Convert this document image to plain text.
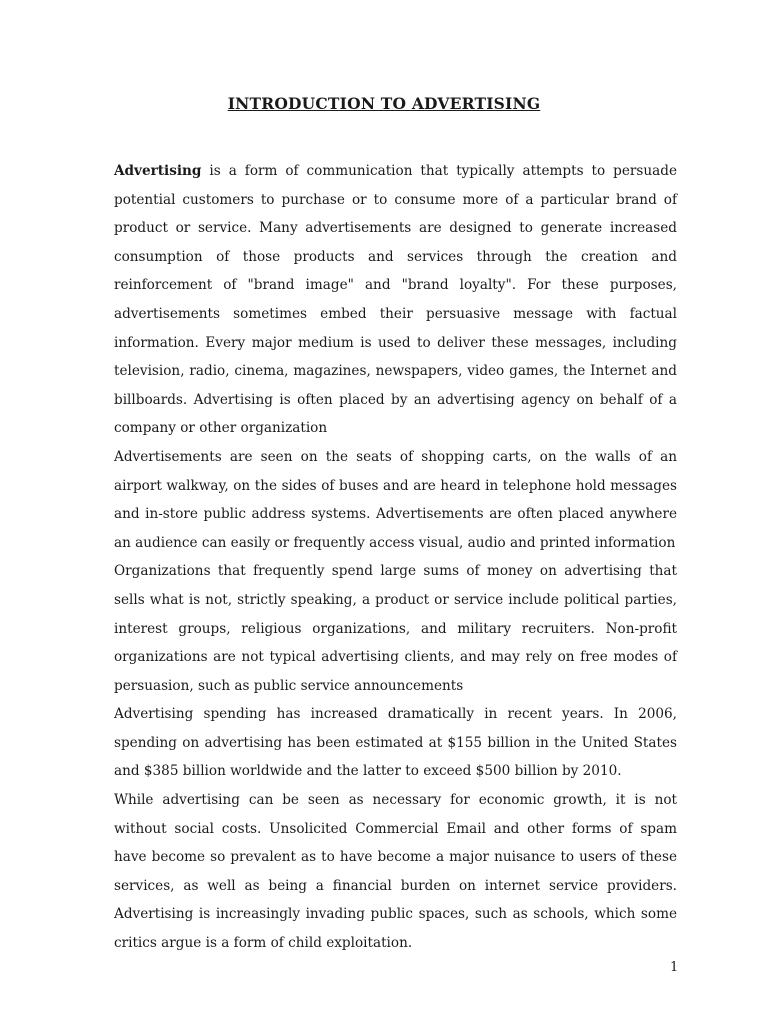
INTRODUCTION TO ADVERTISING

Advertising is a form of communication that typically attempts to persuade potential customers to purchase or to consume more of a particular brand of product or service. Many advertisements are designed to generate increased consumption of those products and services through the creation and reinforcement of "brand image" and "brand loyalty". For these purposes, advertisements sometimes embed their persuasive message with factual information. Every major medium is used to deliver these messages, including television, radio, cinema, magazines, newspapers, video games, the Internet and billboards. Advertising is often placed by an advertising agency on behalf of a company or other organization

Advertisements are seen on the seats of shopping carts, on the walls of an airport walkway, on the sides of buses and are heard in telephone hold messages and in-store public address systems. Advertisements are often placed anywhere an audience can easily or frequently access visual, audio and printed information

Organizations that frequently spend large sums of money on advertising that sells what is not, strictly speaking, a product or service include political parties, interest groups, religious organizations, and military recruiters. Non-profit organizations are not typical advertising clients, and may rely on free modes of persuasion, such as public service announcements

Advertising spending has increased dramatically in recent years. In 2006, spending on advertising has been estimated at $155 billion in the United States and $385 billion worldwide and the latter to exceed $500 billion by 2010.

While advertising can be seen as necessary for economic growth, it is not without social costs. Unsolicited Commercial Email and other forms of spam have become so prevalent as to have become a major nuisance to users of these services, as well as being a financial burden on internet service providers. Advertising is increasingly invading public spaces, such as schools, which some critics argue is a form of child exploitation.

1
